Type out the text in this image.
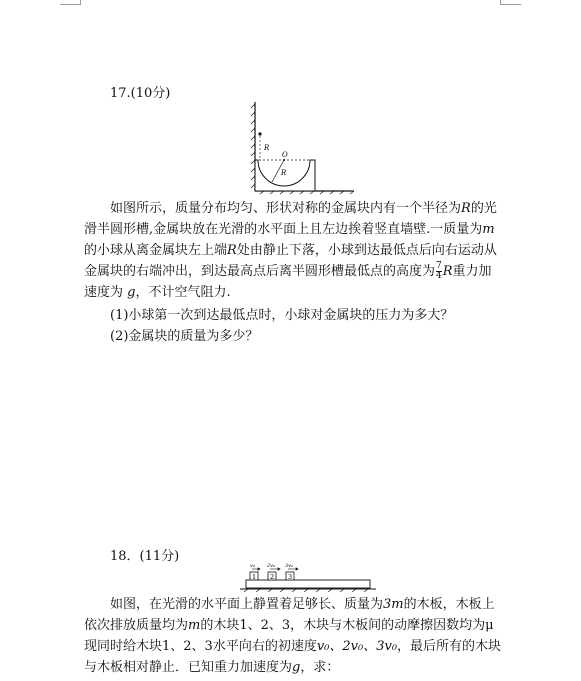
17.(10分)
R
O
R

如图所示，质量分布均匀、形状对称的金属块内有一个半径为R的光滑半圆形槽,金属块放在光滑的水平面上且左边挨着竖直墙壁.一质量为m的小球从离金属块左上端R处由静止下落，小球到达最低点后向右运动从金属块的右端冲出，到达最高点后离半圆形槽最低点的高度为 $\frac{7}{4}$ R重力加速度为 g，不计空气阻力.

(1)小球第一次到达最低点时，小球对金属块的压力为多大？
(2)金属块的质量为多少？
18．(11分)
1 2 3
v₀ 2v₀ 3v₀

如图，在光滑的水平面上静置着足够长、质量为3m的木板，木板上依次排放质量均为m的木块1、2、3，木块与木板间的动摩擦因数均为μ现同时给木块1、2、3水平向右的初速度v₀、2v₀、3v₀，最后所有的木块与木板相对静止．已知重力加速度为g，求：
